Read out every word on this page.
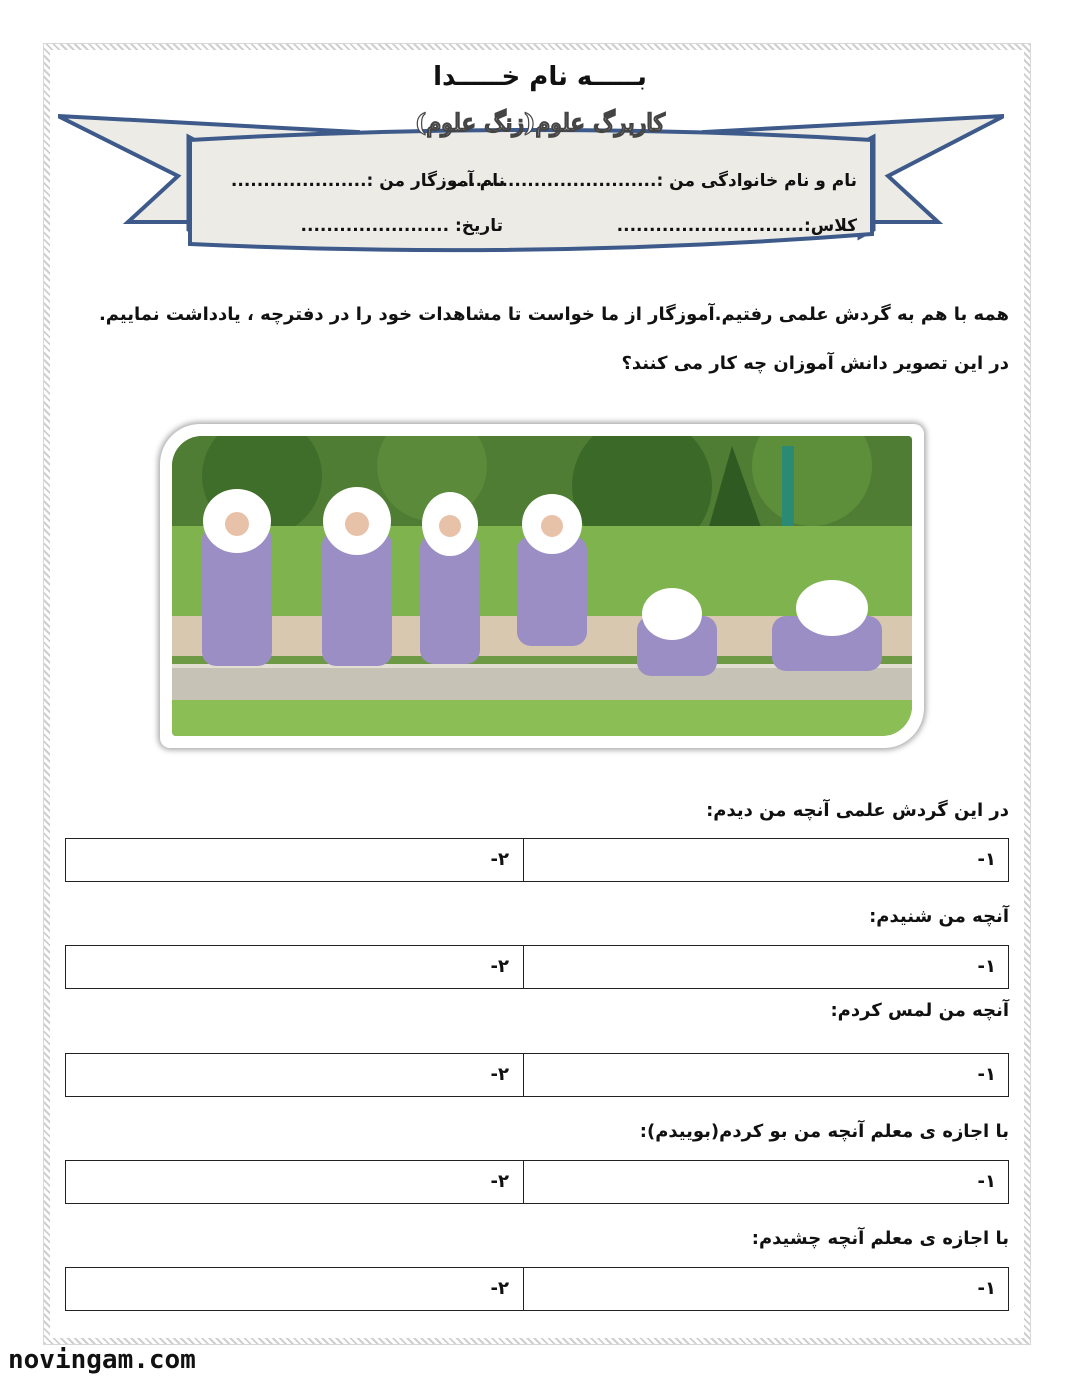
بـــــه نام خـــــدا
کاربرگ علوم(زنگ علوم)
نام و نام خانوادگی من :................................
نام آموزگار من :.....................
کلاس:.............................
تاریخ: .......................
همه با هم به گردش علمی رفتیم.آموزگار از ما خواست تا مشاهدات خود را در دفترچه ، یادداشت نماییم.
در این تصویر دانش آموزان چه کار می کنند؟
در این گردش علمی آنچه من دیدم:
-۲	-۱
آنچه من شنیدم:
-۲	-۱
آنچه من لمس کردم:
-۲	-۱
با اجازه ی معلم آنچه من بو کردم(بوییدم):
-۲	-۱
با اجازه ی معلم آنچه چشیدم:
-۲	-۱
novingam.com
